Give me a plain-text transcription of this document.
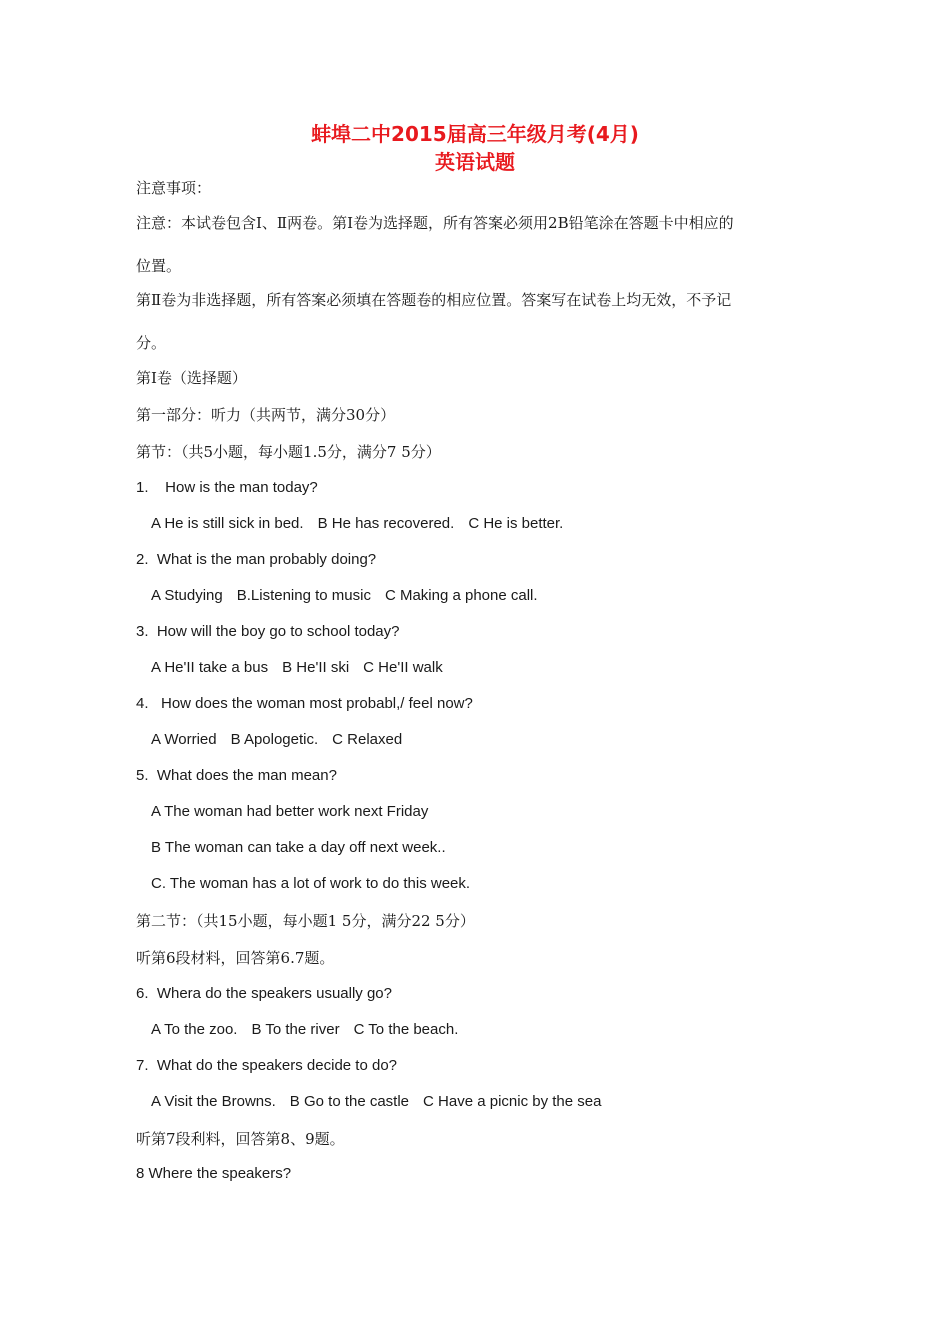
蚌埠二中2015届高三年级月考(4月)
英语试题
注意事项：
注意：本试卷包含Ⅰ、Ⅱ两卷。第Ⅰ卷为选择题，所有答案必须用2B铅笔涂在答题卡中相应的
位置。
第Ⅱ卷为非选择题，所有答案必须填在答题卷的相应位置。答案写在试卷上均无效，不予记
分。
第Ⅰ卷（选择题）
第一部分：听力（共两节，满分30分）
第节：（共5小题，每小题1.5分，满分7 5分）
1.    How is the man today?
A He is still sick in bed. B He has recovered. C He is better.
2.  What is the man probably doing?
A Studying B.Listening to music C Making a phone call.
3.  How will the boy go to school today?
A He'II take a bus B He'II ski C He'II walk
4.   How does the woman most probabl,/ feel now?
A Worried B Apologetic. C Relaxed
5.  What does the man mean?
A The woman had better work next Friday
B The woman can take a day off next week..
C. The woman has a lot of work to do this week.
第二节：（共15小题，每小题1 5分，满分22 5分）
听第6段材料，回答第6.7题。
6.  Whera do the speakers usually go?
A To the zoo. B To the river C To the beach.
7.  What do the speakers decide to do?
A Visit the Browns. B Go to the castle C Have a picnic by the sea
听第7段利料，回答第8、9题。
8 Where the speakers?
